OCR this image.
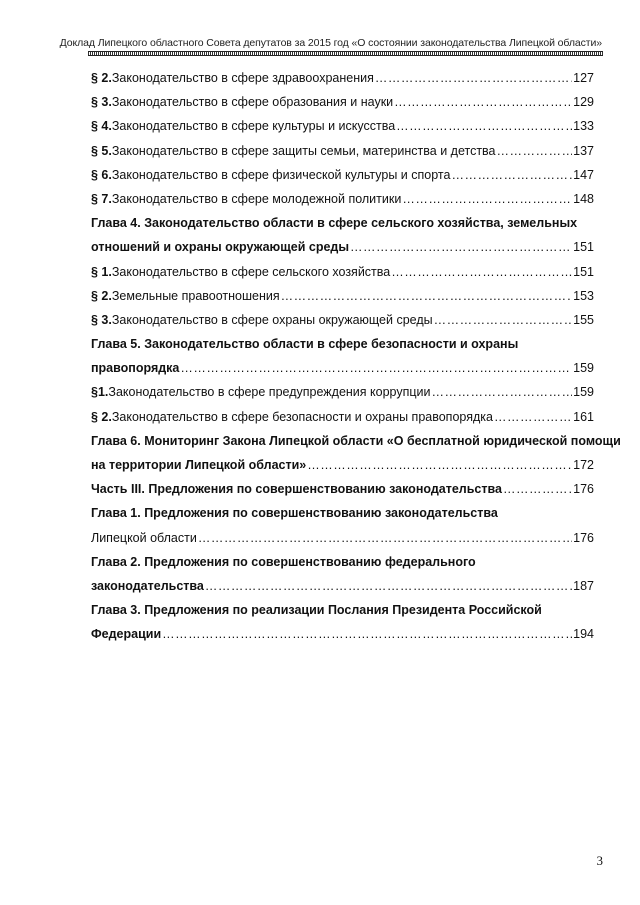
Доклад Липецкого областного Совета депутатов за 2015 год «О состоянии законодательства Липецкой области»
§ 2. Законодательство в сфере здравоохранения ………………………………………………………………………………………………………………………………………………………………………………………	127
§ 3. Законодательство в сфере образования и науки ………………………………………………………………………………………………………………………………………………………………………………………	129
§ 4. Законодательство в сфере культуры и искусства ………………………………………………………………………………………………………………………………………………………………………………………	133
§ 5. Законодательство в сфере защиты семьи, материнства и детства ………………………………………………………………………………………………………………………………………………………………………………………	137
§ 6. Законодательство в сфере физической культуры и спорта ………………………………………………………………………………………………………………………………………………………………………………………	147
§ 7. Законодательство в сфере молодежной политики ………………………………………………………………………………………………………………………………………………………………………………………	148
Глава 4. Законодательство области в сфере сельского хозяйства, земельных
отношений и охраны окружающей среды ………………………………………………………………………………………………………………………………………………………………………………………	151
§ 1. Законодательство в сфере сельского хозяйства ………………………………………………………………………………………………………………………………………………………………………………………	151
§ 2. Земельные правоотношения ………………………………………………………………………………………………………………………………………………………………………………………	153
§ 3. Законодательство в сфере охраны окружающей среды ………………………………………………………………………………………………………………………………………………………………………………………	155
Глава 5. Законодательство области в сфере безопасности и охраны
правопорядка ………………………………………………………………………………………………………………………………………………………………………………………	159
§1. Законодательство в сфере предупреждения коррупции ………………………………………………………………………………………………………………………………………………………………………………………	159
§ 2. Законодательство в сфере безопасности и охраны правопорядка ………………………………………………………………………………………………………………………………………………………………………………………	161
Глава 6. Мониторинг Закона Липецкой области «О бесплатной юридической помощи
на территории Липецкой области» ………………………………………………………………………………………………………………………………………………………………………………………	172
Часть III. Предложения по совершенствованию законодательства ………………………………………………………………………………………………………………………………………………………………………………………	176
Глава 1. Предложения по совершенствованию законодательства
Липецкой области ………………………………………………………………………………………………………………………………………………………………………………………	176
Глава 2. Предложения по совершенствованию федерального
законодательства ………………………………………………………………………………………………………………………………………………………………………………………	187
Глава 3. Предложения по реализации Послания Президента Российской
Федерации ………………………………………………………………………………………………………………………………………………………………………………………	194
3
